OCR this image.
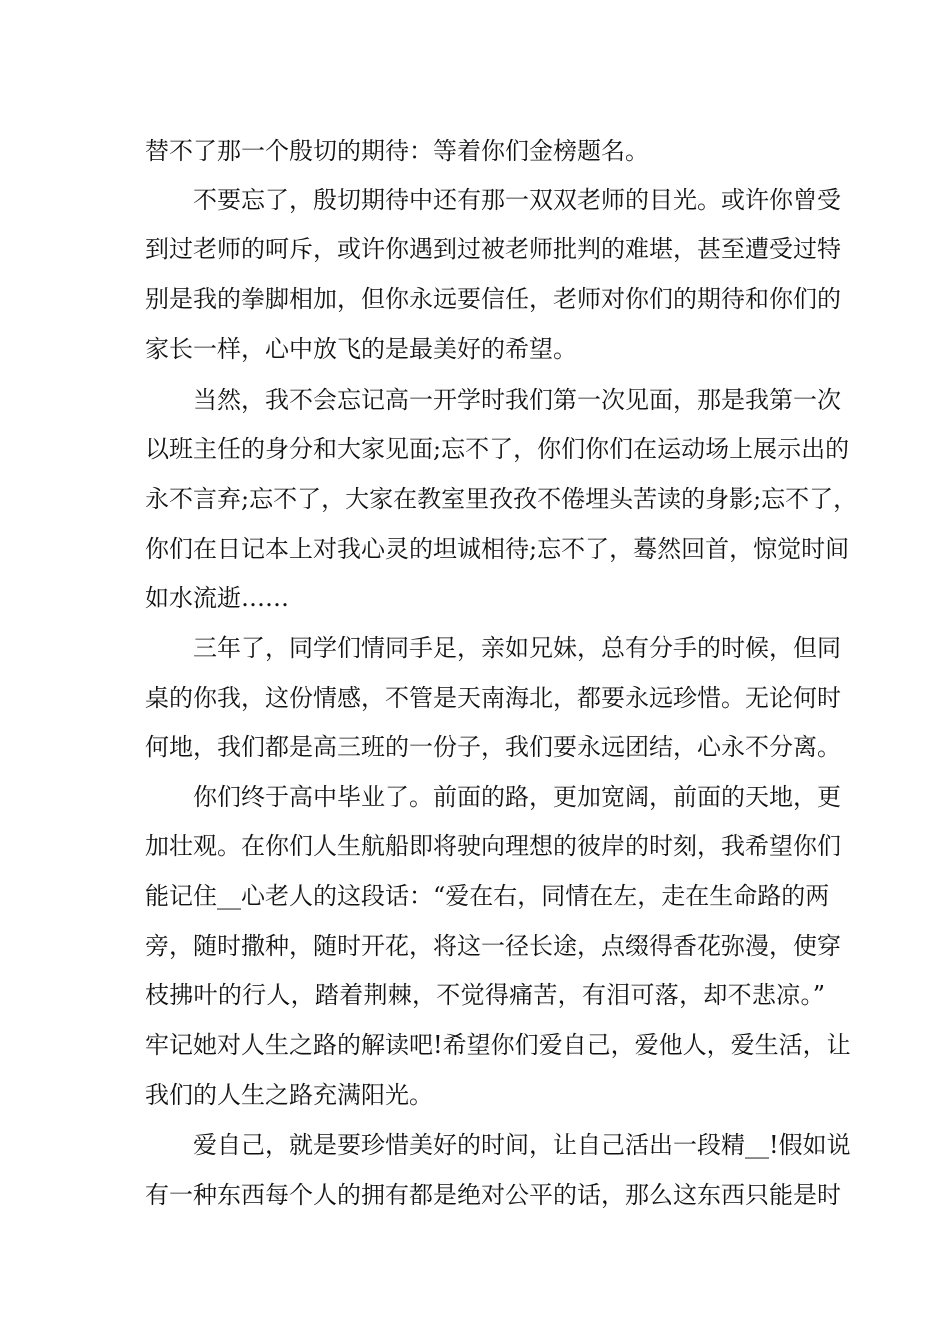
替不了那一个殷切的期待：等着你们金榜题名。
不要忘了，殷切期待中还有那一双双老师的目光。或许你曾受
到过老师的呵斥，或许你遇到过被老师批判的难堪，甚至遭受过特
别是我的拳脚相加，但你永远要信任，老师对你们的期待和你们的
家长一样，心中放飞的是最美好的希望。
当然，我不会忘记高一开学时我们第一次见面，那是我第一次
以班主任的身分和大家见面;忘不了，你们你们在运动场上展示出的
永不言弃;忘不了，大家在教室里孜孜不倦埋头苦读的身影;忘不了，
你们在日记本上对我心灵的坦诚相待;忘不了，蓦然回首，惊觉时间
如水流逝……
三年了，同学们情同手足，亲如兄妹，总有分手的时候，但同
桌的你我，这份情感，不管是天南海北，都要永远珍惜。无论何时
何地，我们都是高三班的一份子，我们要永远团结，心永不分离。
你们终于高中毕业了。前面的路，更加宽阔，前面的天地，更
加壮观。在你们人生航船即将驶向理想的彼岸的时刻，我希望你们
能记住__心老人的这段话：“爱在右，同情在左，走在生命路的两
旁，随时撒种，随时开花，将这一径长途，点缀得香花弥漫，使穿
枝拂叶的行人，踏着荆棘，不觉得痛苦，有泪可落，却不悲凉。”
牢记她对人生之路的解读吧!希望你们爱自己，爱他人，爱生活，让
我们的人生之路充满阳光。
爱自己，就是要珍惜美好的时间，让自己活出一段精__!假如说
有一种东西每个人的拥有都是绝对公平的话，那么这东西只能是时
